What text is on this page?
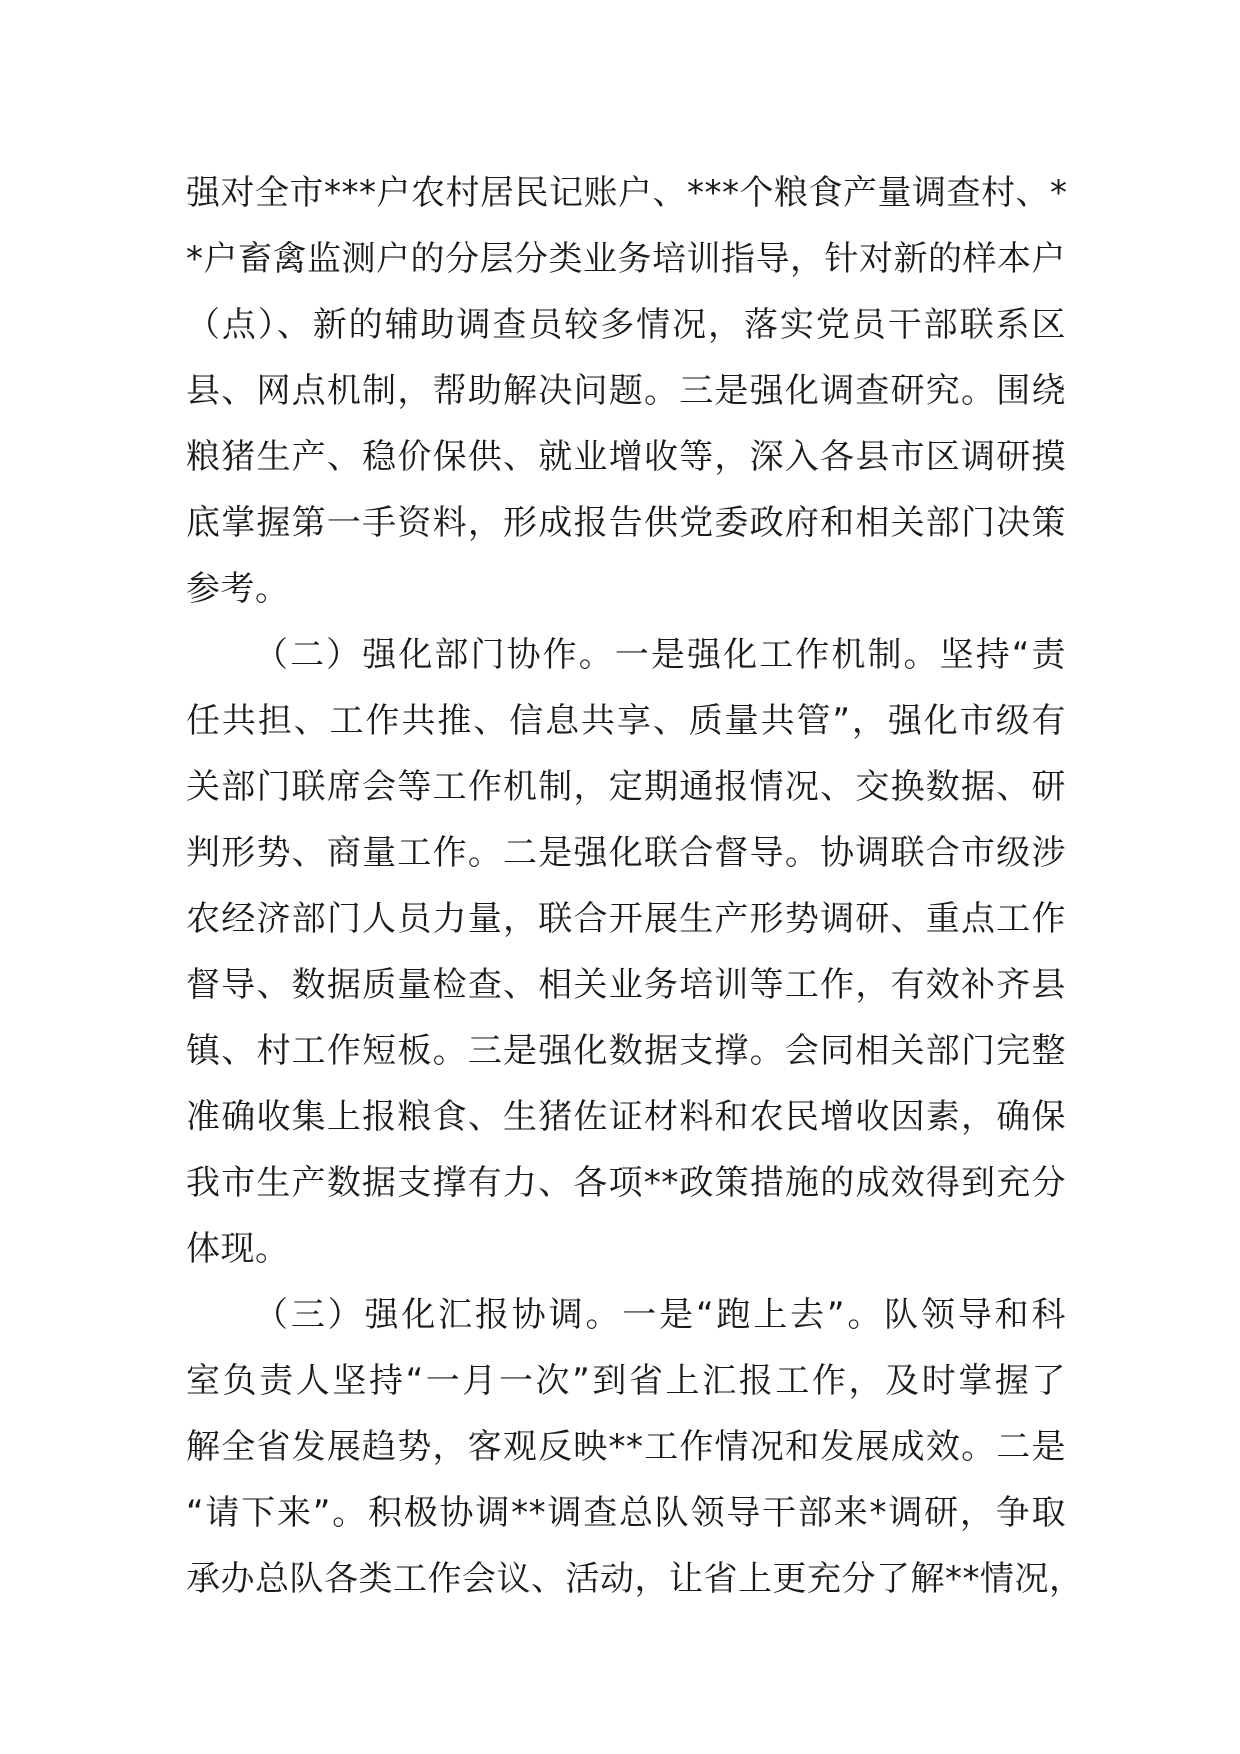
强对全市***户农村居民记账户、***个粮食产量调查村、*
*户畜禽监测户的分层分类业务培训指导，针对新的样本户
（点）、新的辅助调查员较多情况，落实党员干部联系区
县、网点机制，帮助解决问题。三是强化调查研究。围绕
粮猪生产、稳价保供、就业增收等，深入各县市区调研摸
底掌握第一手资料，形成报告供党委政府和相关部门决策
参考。
（二）强化部门协作。一是强化工作机制。坚持“责
任共担、工作共推、信息共享、质量共管”，强化市级有
关部门联席会等工作机制，定期通报情况、交换数据、研
判形势、商量工作。二是强化联合督导。协调联合市级涉
农经济部门人员力量，联合开展生产形势调研、重点工作
督导、数据质量检查、相关业务培训等工作，有效补齐县
镇、村工作短板。三是强化数据支撑。会同相关部门完整
准确收集上报粮食、生猪佐证材料和农民增收因素，确保
我市生产数据支撑有力、各项**政策措施的成效得到充分
体现。
（三）强化汇报协调。一是“跑上去”。队领导和科
室负责人坚持“一月一次”到省上汇报工作，及时掌握了
解全省发展趋势，客观反映**工作情况和发展成效。二是
“请下来”。积极协调**调查总队领导干部来*调研，争取
承办总队各类工作会议、活动，让省上更充分了解**情况，
